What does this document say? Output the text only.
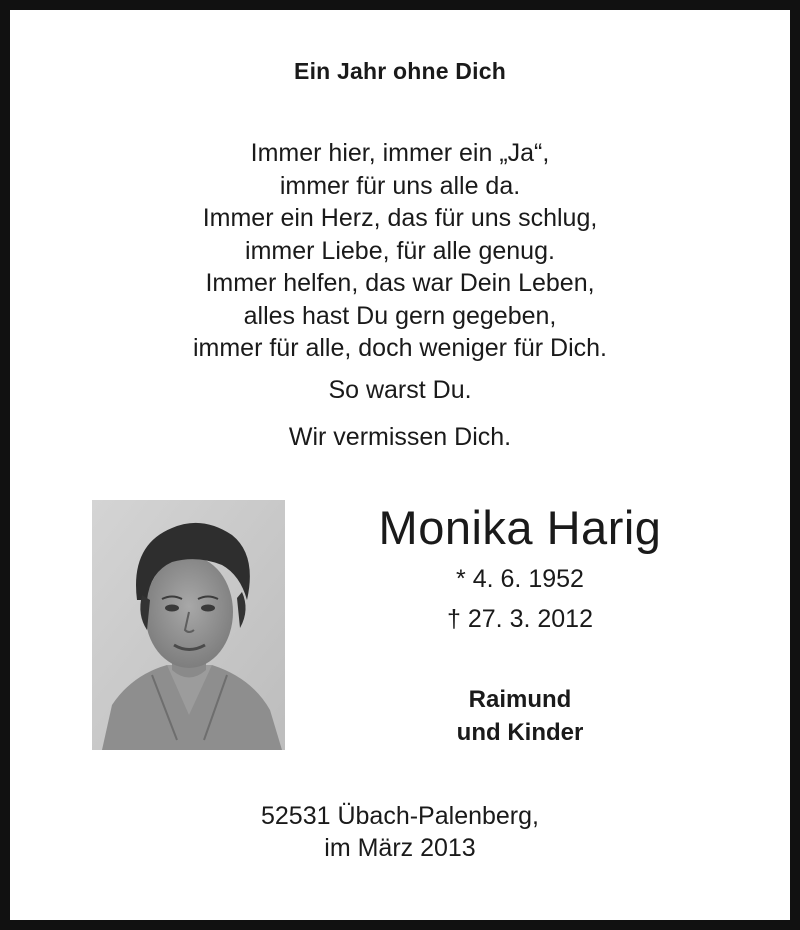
Ein Jahr ohne Dich
Immer hier, immer ein „Ja“,
immer für uns alle da.
Immer ein Herz, das für uns schlug,
immer Liebe, für alle genug.
Immer helfen, das war Dein Leben,
alles hast Du gern gegeben,
immer für alle, doch weniger für Dich.
So warst Du.
Wir vermissen Dich.
Monika Harig
* 4. 6. 1952
† 27. 3. 2012
Raimund
und Kinder
52531 Übach-Palenberg,
im März 2013
